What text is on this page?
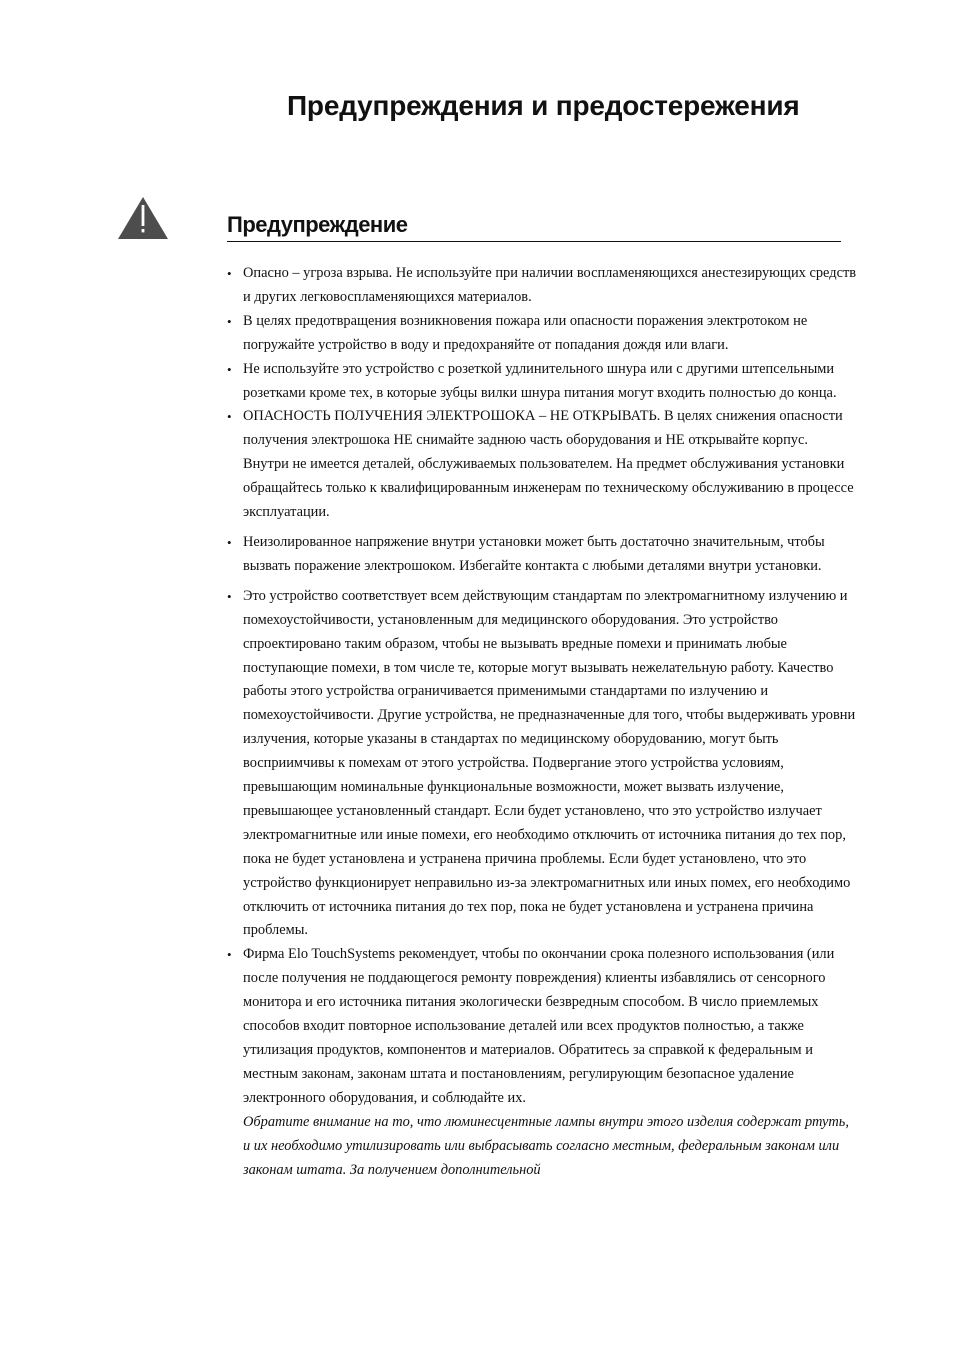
Предупреждения и предостережения
Предупреждение
• Опасно – угроза взрыва. Не используйте при наличии воспламеняющихся анестезирующих средств и других легковоспламеняющихся материалов.
• В целях предотвращения возникновения пожара или опасности поражения электротоком не погружайте устройство в воду и предохраняйте от попадания дождя или влаги.
• Не используйте это устройство с розеткой удлинительного шнура или с другими штепсельными розетками кроме тех, в которые зубцы вилки шнура питания могут входить полностью до конца.
• ОПАСНОСТЬ ПОЛУЧЕНИЯ ЭЛЕКТРОШОКА – НЕ ОТКРЫВАТЬ. В целях снижения опасности получения электрошока НЕ снимайте заднюю часть оборудования и НЕ открывайте корпус. Внутри не имеется деталей, обслуживаемых пользователем. На предмет обслуживания установки обращайтесь только к квалифицированным инженерам по техническому обслуживанию в процессе эксплуатации.
• Неизолированное напряжение внутри установки может быть достаточно значительным, чтобы вызвать поражение электрошоком. Избегайте контакта с любыми деталями внутри установки.
• Это устройство соответствует всем действующим стандартам по электромагнитному излучению и помехоустойчивости, установленным для медицинского оборудования. Это устройство спроектировано таким образом, чтобы не вызывать вредные помехи и принимать любые поступающие помехи, в том числе те, которые могут вызывать нежелательную работу. Качество работы этого устройства ограничивается применимыми стандартами по излучению и помехоустойчивости. Другие устройства, не предназначенные для того, чтобы выдерживать уровни излучения, которые указаны в стандартах по медицинскому оборудованию, могут быть восприимчивы к помехам от этого устройства. Подвергание этого устройства условиям, превышающим номинальные функциональные возможности, может вызвать излучение, превышающее установленный стандарт. Если будет установлено, что это устройство излучает электромагнитные или иные помехи, его необходимо отключить от источника питания до тех пор, пока не будет установлена и устранена причина проблемы. Если будет установлено, что это устройство функционирует неправильно из-за электромагнитных или иных помех, его необходимо отключить от источника питания до тех пор, пока не будет установлена и устранена причина проблемы.
• Фирма Elo TouchSystems рекомендует, чтобы по окончании срока полезного использования (или после получения не поддающегося ремонту повреждения) клиенты избавлялись от сенсорного монитора и его источника питания экологически безвредным способом. В число приемлемых способов входит повторное использование деталей или всех продуктов полностью, а также утилизация продуктов, компонентов и материалов. Обратитесь за справкой к федеральным и местным законам, законам штата и постановлениям, регулирующим безопасное удаление электронного оборудования, и соблюдайте их.
Обратите внимание на то, что люминесцентные лампы внутри этого изделия содержат ртуть, и их необходимо утилизировать или выбрасывать согласно местным, федеральным законам или законам штата. За получением дополнительной
